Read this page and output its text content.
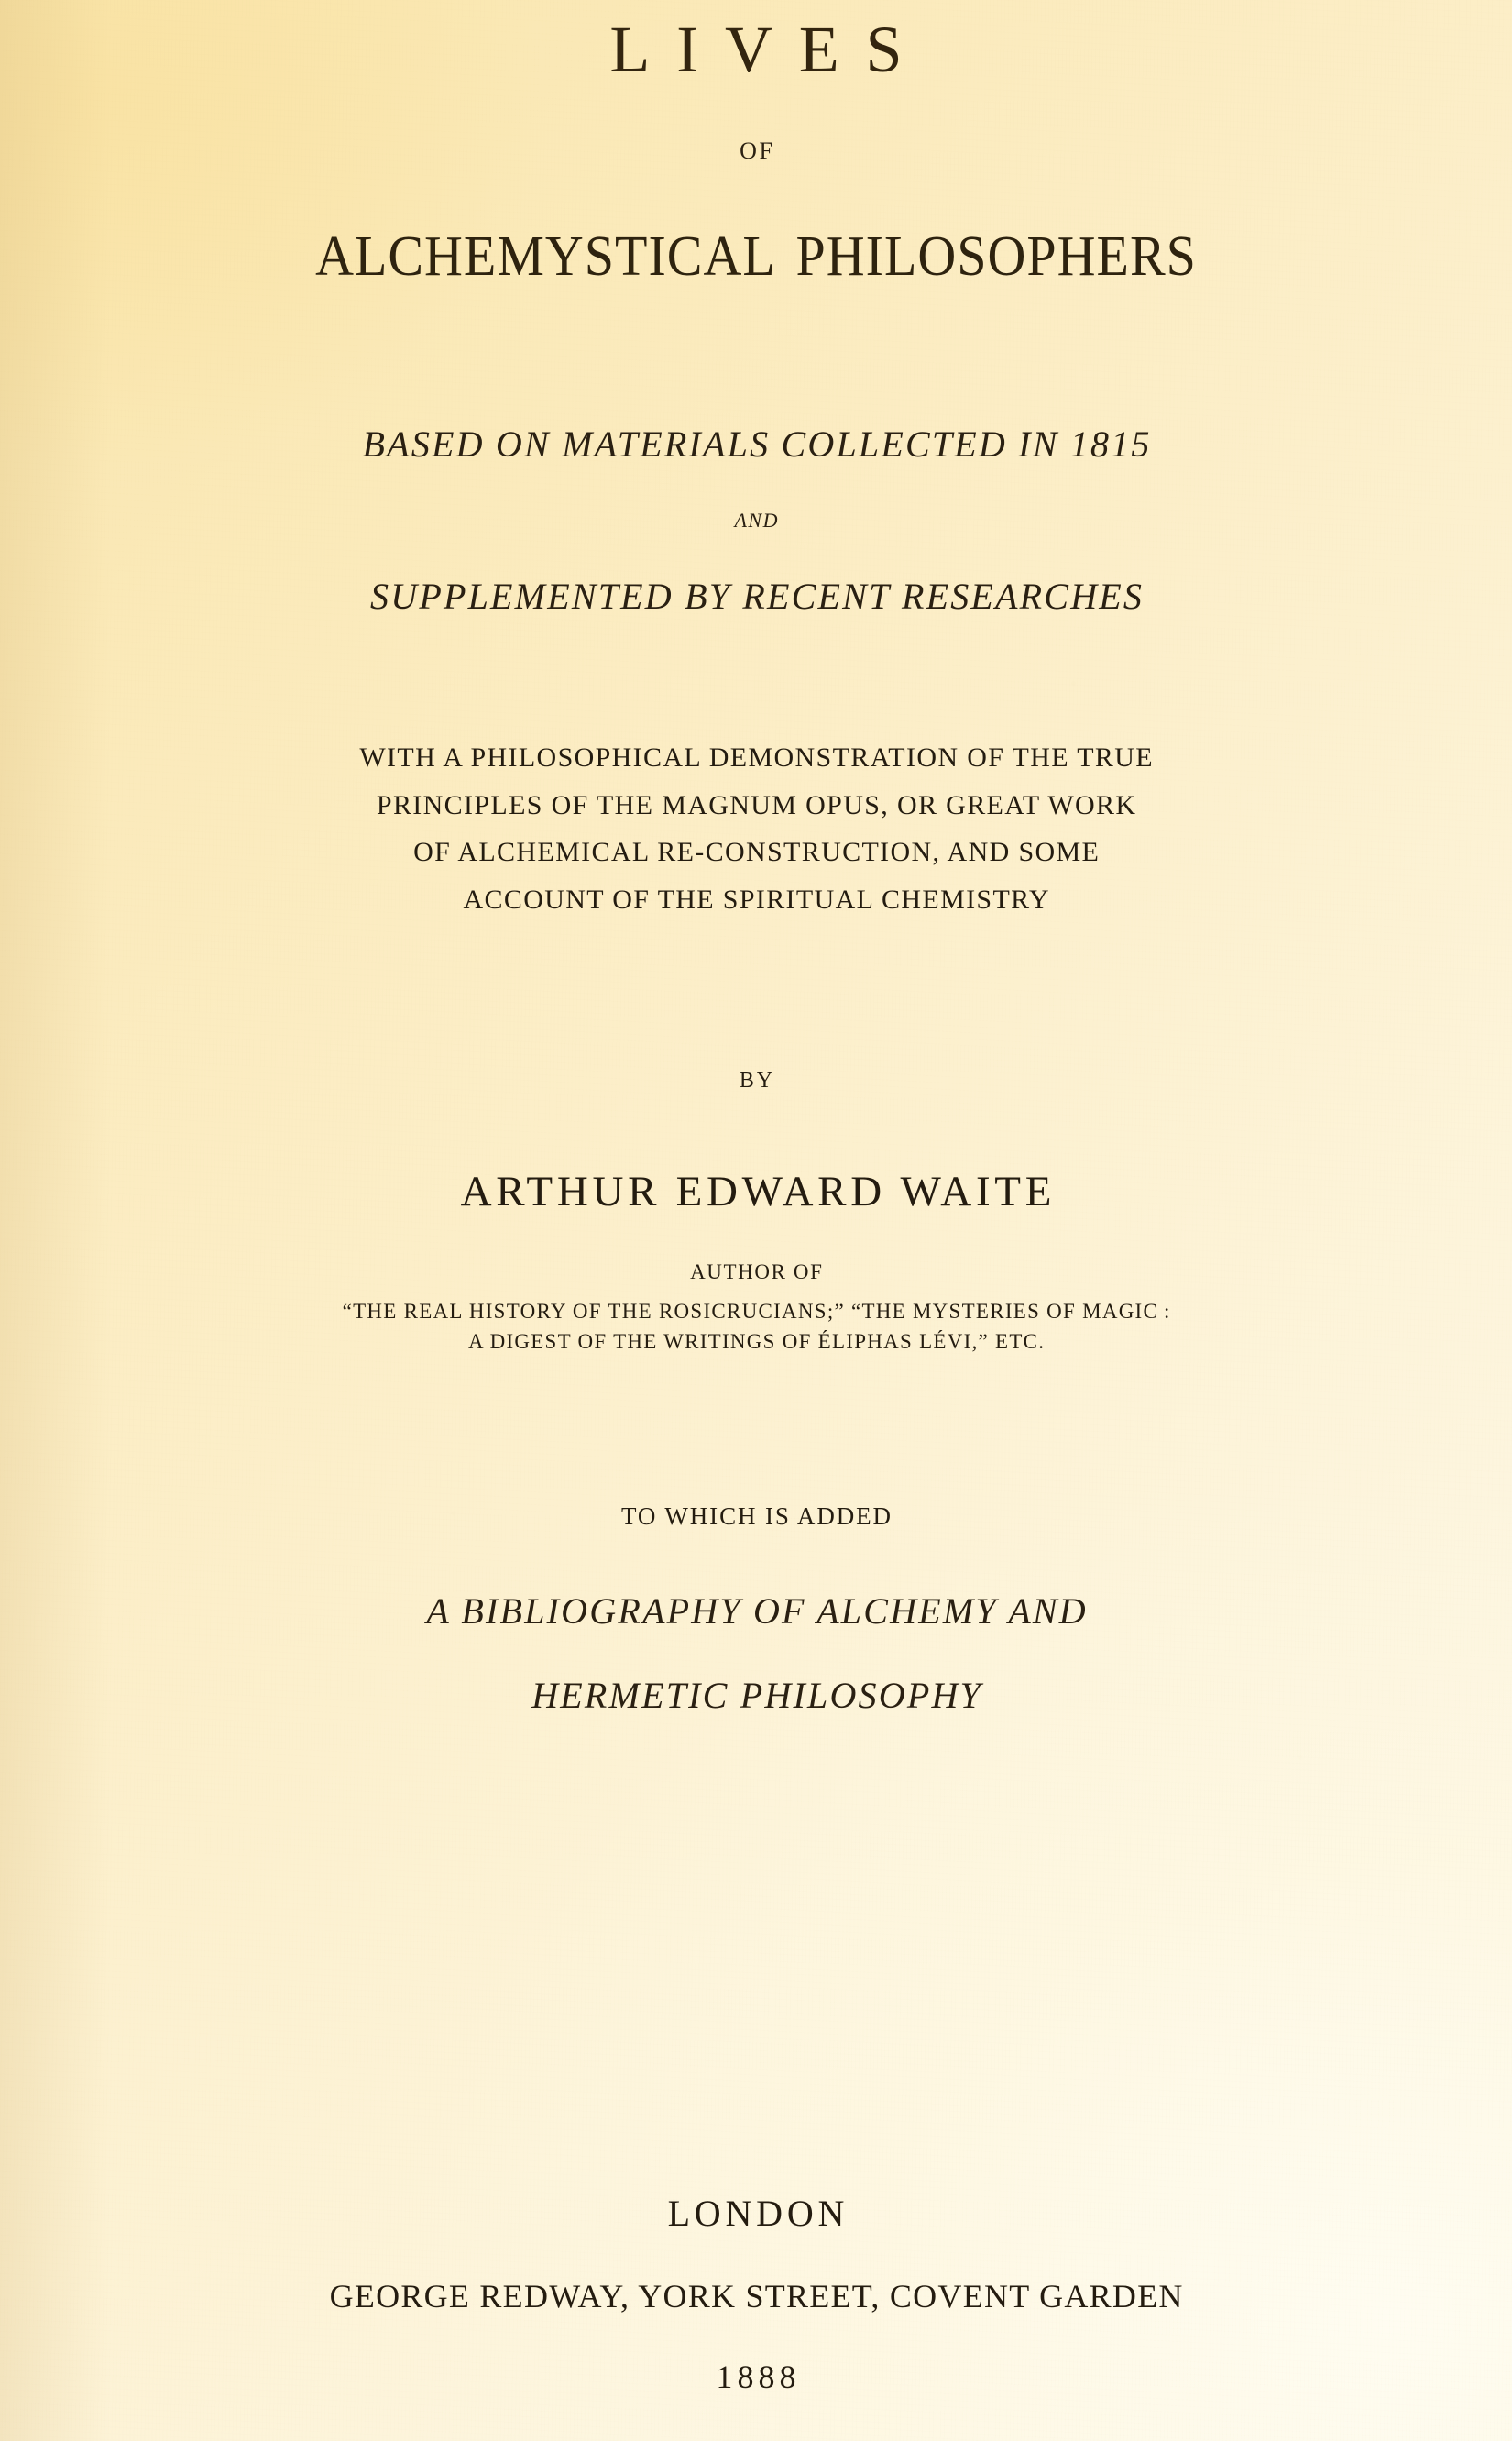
LIVES
OF
alchemystical philosophers
BASED ON MATERIALS COLLECTED IN 1815
AND
SUPPLEMENTED BY RECENT RESEARCHES
WITH A PHILOSOPHICAL DEMONSTRATION OF THE TRUE
PRINCIPLES OF THE MAGNUM OPUS, OR GREAT WORK
OF ALCHEMICAL RE-CONSTRUCTION, AND SOME
ACCOUNT OF THE SPIRITUAL CHEMISTRY
BY
ARTHUR EDWARD WAITE
AUTHOR OF
“THE REAL HISTORY OF THE ROSICRUCIANS;” “THE MYSTERIES OF MAGIC :
A DIGEST OF THE WRITINGS OF ÉLIPHAS LÉVI,” ETC.
TO WHICH IS ADDED
A BIBLIOGRAPHY OF ALCHEMY AND
HERMETIC PHILOSOPHY
LONDON
GEORGE REDWAY, YORK STREET, COVENT GARDEN
1888
